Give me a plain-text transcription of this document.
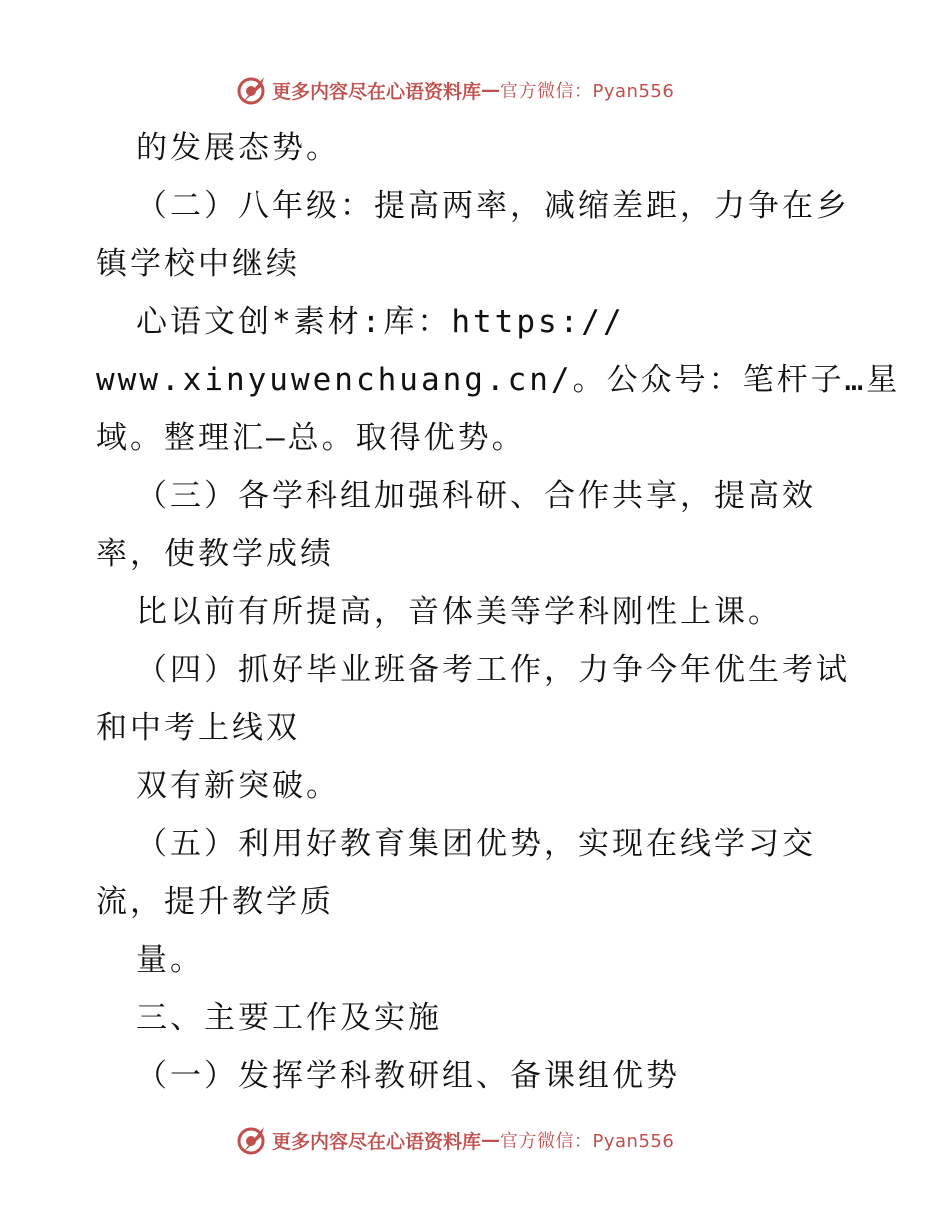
更多内容尽在心语资料库 — 官方微信：Pyan556
的发展态势。
（二）八年级：提高两率，减缩差距，力争在乡
镇学校中继续
心语文创*素材:库：https://
www.xinyuwenchuang.cn/。公众号：笔杆子…星
域。整理汇—总。取得优势。
（三）各学科组加强科研、合作共享，提高效
率，使教学成绩
比以前有所提高，音体美等学科刚性上课。
（四）抓好毕业班备考工作，力争今年优生考试
和中考上线双
双有新突破。
（五）利用好教育集团优势，实现在线学习交
流，提升教学质
量。
三、主要工作及实施
（一）发挥学科教研组、备课组优势
更多内容尽在心语资料库 — 官方微信：Pyan556
